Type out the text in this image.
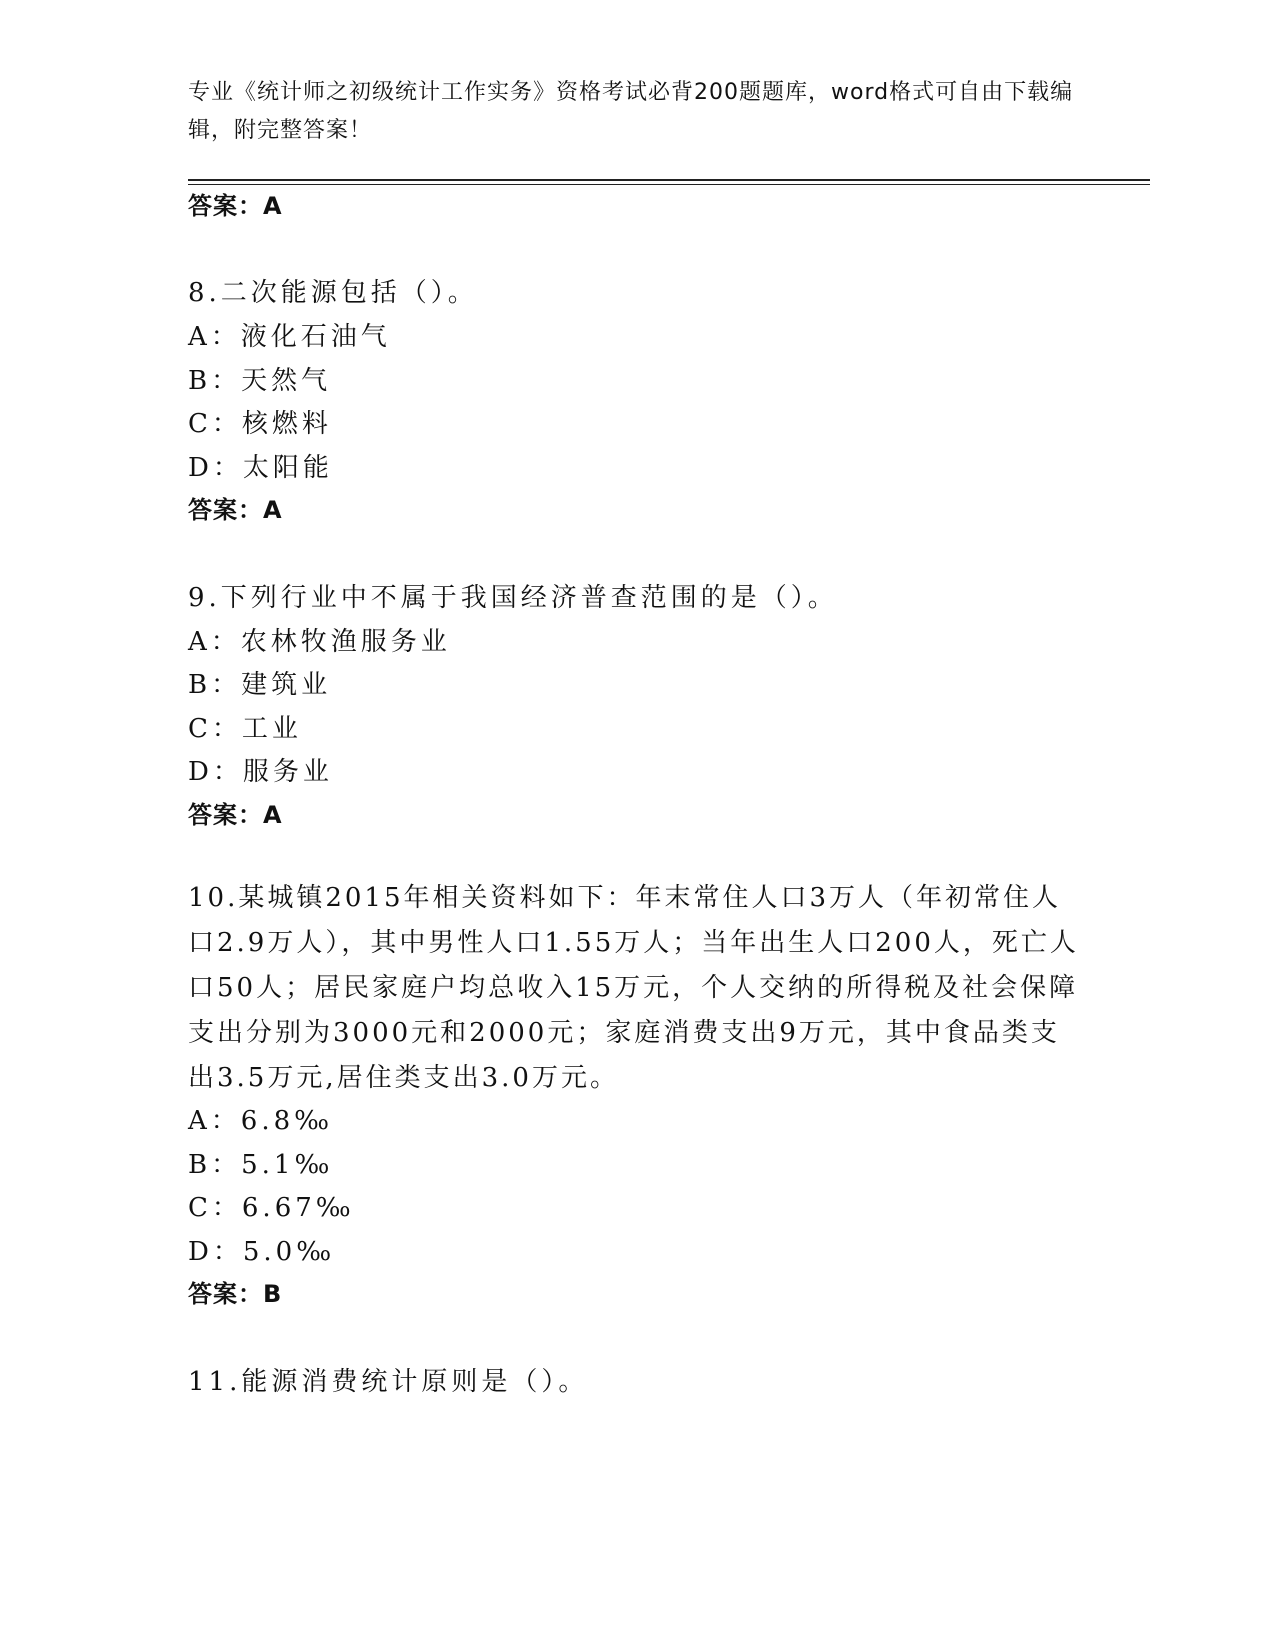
专业《统计师之初级统计工作实务》资格考试必背200题题库，word格式可自由下载编辑，附完整答案！
答案：A
8.二次能源包括（）。
A：液化石油气
B：天然气
C：核燃料
D：太阳能
答案：A
9.下列行业中不属于我国经济普查范围的是（）。
A：农林牧渔服务业
B：建筑业
C：工业
D：服务业
答案：A
10.某城镇2015年相关资料如下：年末常住人口3万人（年初常住人口2.9万人），其中男性人口1.55万人；当年出生人口200人，死亡人口50人；居民家庭户均总收入15万元，个人交纳的所得税及社会保障支出分别为3000元和2000元；家庭消费支出9万元，其中食品类支出3.5万元,居住类支出3.0万元。
A：6.8‰
B：5.1‰
C：6.67‰
D：5.0‰
答案：B
11.能源消费统计原则是（）。
